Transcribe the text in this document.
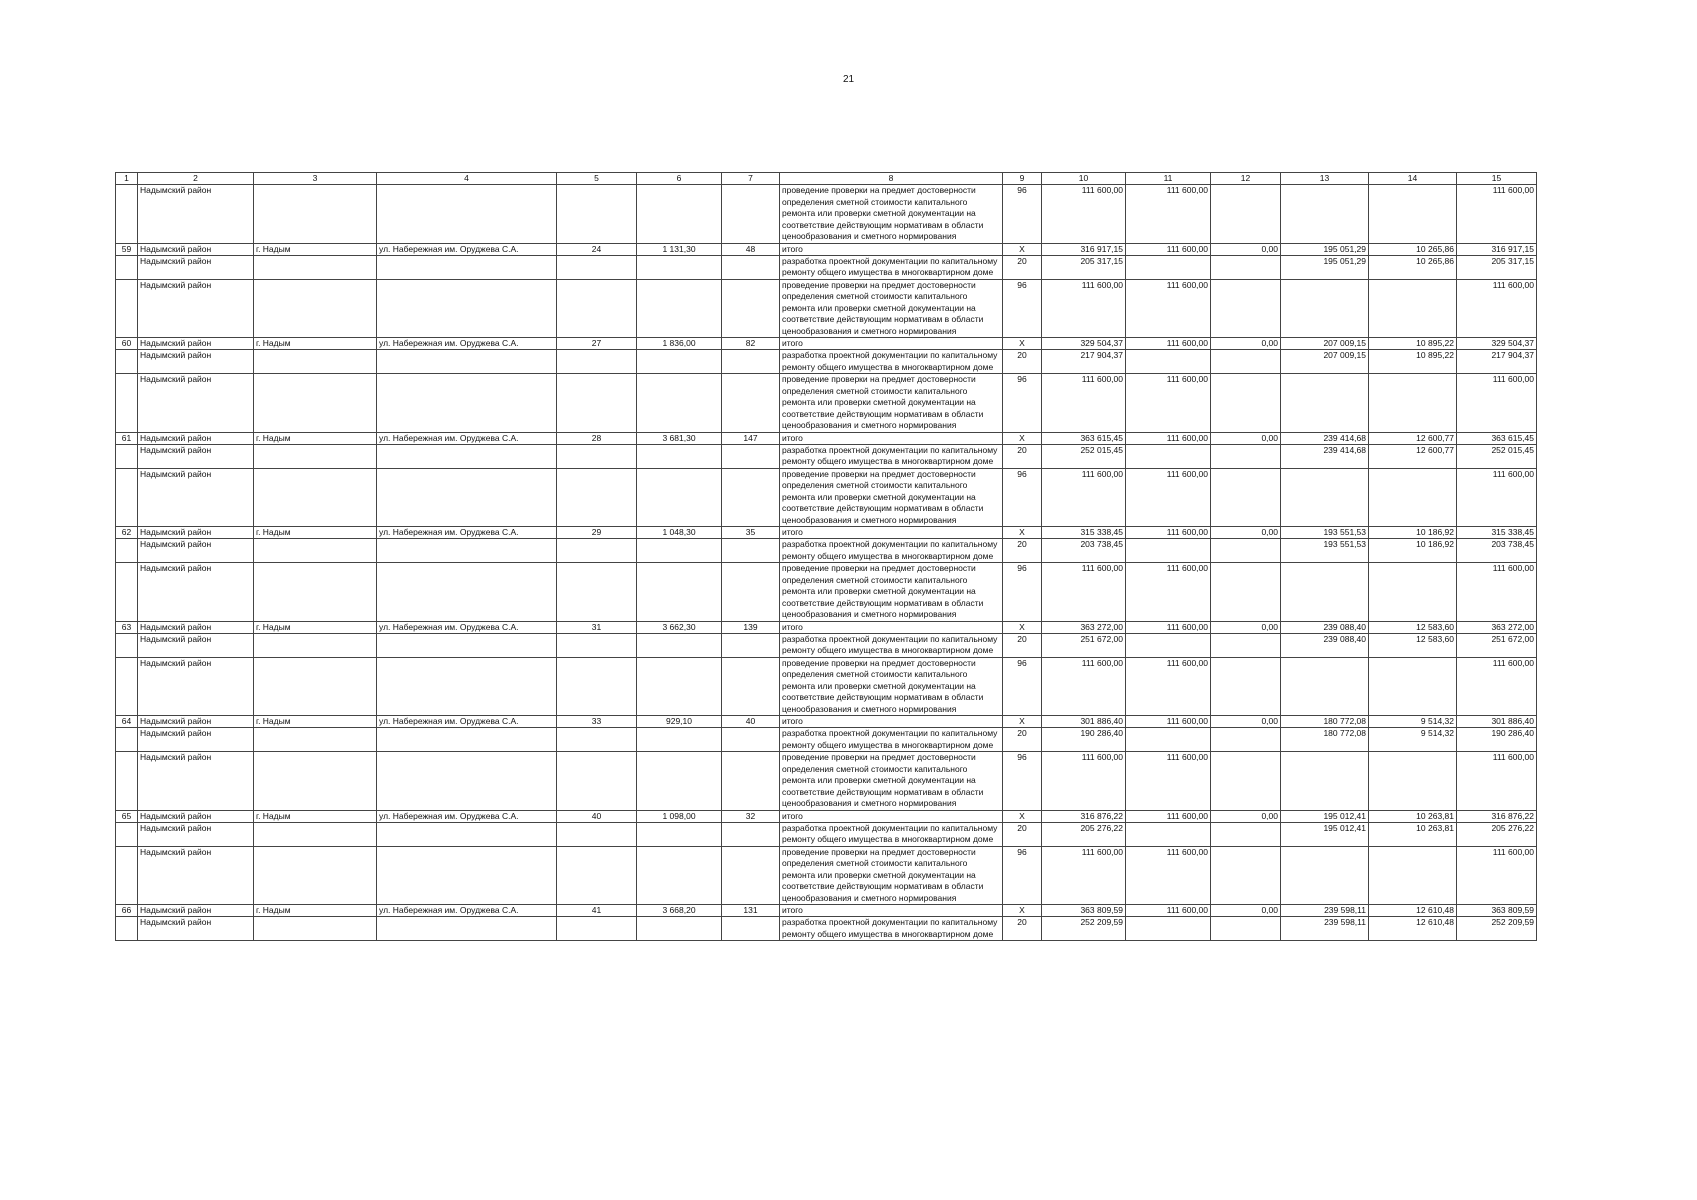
21
1	2	3	4	5	6	7	8	9	10	11	12	13	14	15
	Надымский район						проведение проверки на предмет достоверности определения сметной стоимости капитального ремонта или проверки сметной документации на соответствие действующим нормативам в области ценообразования и сметного нормирования	96	111 600,00	111 600,00				111 600,00
59	Надымский район	г. Надым	ул. Набережная им. Оруджева С.А.	24	1 131,30	48	итого	X	316 917,15	111 600,00	0,00	195 051,29	10 265,86	316 917,15
	Надымский район						разработка проектной документации по капитальному ремонту общего имущества в многоквартирном доме	20	205 317,15			195 051,29	10 265,86	205 317,15
	Надымский район						проведение проверки на предмет достоверности определения сметной стоимости капитального ремонта или проверки сметной документации на соответствие действующим нормативам в области ценообразования и сметного нормирования	96	111 600,00	111 600,00				111 600,00
60	Надымский район	г. Надым	ул. Набережная им. Оруджева С.А.	27	1 836,00	82	итого	X	329 504,37	111 600,00	0,00	207 009,15	10 895,22	329 504,37
	Надымский район						разработка проектной документации по капитальному ремонту общего имущества в многоквартирном доме	20	217 904,37			207 009,15	10 895,22	217 904,37
	Надымский район						проведение проверки на предмет достоверности определения сметной стоимости капитального ремонта или проверки сметной документации на соответствие действующим нормативам в области ценообразования и сметного нормирования	96	111 600,00	111 600,00				111 600,00
61	Надымский район	г. Надым	ул. Набережная им. Оруджева С.А.	28	3 681,30	147	итого	X	363 615,45	111 600,00	0,00	239 414,68	12 600,77	363 615,45
	Надымский район						разработка проектной документации по капитальному ремонту общего имущества в многоквартирном доме	20	252 015,45			239 414,68	12 600,77	252 015,45
	Надымский район						проведение проверки на предмет достоверности определения сметной стоимости капитального ремонта или проверки сметной документации на соответствие действующим нормативам в области ценообразования и сметного нормирования	96	111 600,00	111 600,00				111 600,00
62	Надымский район	г. Надым	ул. Набережная им. Оруджева С.А.	29	1 048,30	35	итого	X	315 338,45	111 600,00	0,00	193 551,53	10 186,92	315 338,45
	Надымский район						разработка проектной документации по капитальному ремонту общего имущества в многоквартирном доме	20	203 738,45			193 551,53	10 186,92	203 738,45
	Надымский район						проведение проверки на предмет достоверности определения сметной стоимости капитального ремонта или проверки сметной документации на соответствие действующим нормативам в области ценообразования и сметного нормирования	96	111 600,00	111 600,00				111 600,00
63	Надымский район	г. Надым	ул. Набережная им. Оруджева С.А.	31	3 662,30	139	итого	X	363 272,00	111 600,00	0,00	239 088,40	12 583,60	363 272,00
	Надымский район						разработка проектной документации по капитальному ремонту общего имущества в многоквартирном доме	20	251 672,00			239 088,40	12 583,60	251 672,00
	Надымский район						проведение проверки на предмет достоверности определения сметной стоимости капитального ремонта или проверки сметной документации на соответствие действующим нормативам в области ценообразования и сметного нормирования	96	111 600,00	111 600,00				111 600,00
64	Надымский район	г. Надым	ул. Набережная им. Оруджева С.А.	33	929,10	40	итого	X	301 886,40	111 600,00	0,00	180 772,08	9 514,32	301 886,40
	Надымский район						разработка проектной документации по капитальному ремонту общего имущества в многоквартирном доме	20	190 286,40			180 772,08	9 514,32	190 286,40
	Надымский район						проведение проверки на предмет достоверности определения сметной стоимости капитального ремонта или проверки сметной документации на соответствие действующим нормативам в области ценообразования и сметного нормирования	96	111 600,00	111 600,00				111 600,00
65	Надымский район	г. Надым	ул. Набережная им. Оруджева С.А.	40	1 098,00	32	итого	X	316 876,22	111 600,00	0,00	195 012,41	10 263,81	316 876,22
	Надымский район						разработка проектной документации по капитальному ремонту общего имущества в многоквартирном доме	20	205 276,22			195 012,41	10 263,81	205 276,22
	Надымский район						проведение проверки на предмет достоверности определения сметной стоимости капитального ремонта или проверки сметной документации на соответствие действующим нормативам в области ценообразования и сметного нормирования	96	111 600,00	111 600,00				111 600,00
66	Надымский район	г. Надым	ул. Набережная им. Оруджева С.А.	41	3 668,20	131	итого	X	363 809,59	111 600,00	0,00	239 598,11	12 610,48	363 809,59
	Надымский район						разработка проектной документации по капитальному ремонту общего имущества в многоквартирном доме	20	252 209,59			239 598,11	12 610,48	252 209,59
